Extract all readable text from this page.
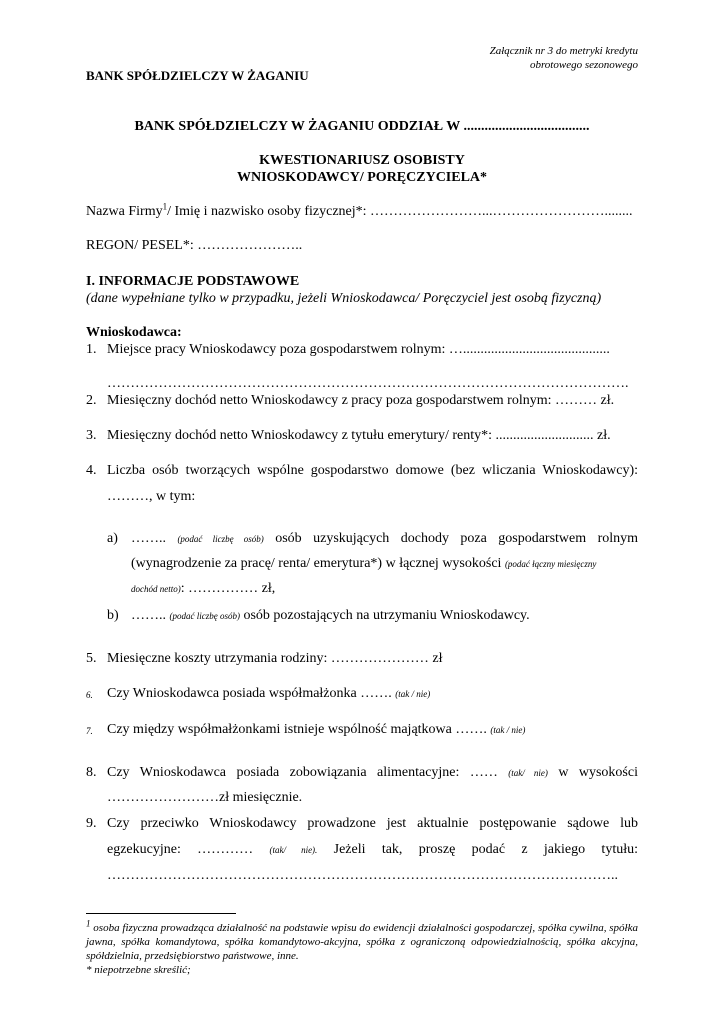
Załącznik nr 3 do metryki kredytu
obrotowego sezonowego
BANK SPÓŁDZIELCZY W ŻAGANIU
BANK SPÓŁDZIELCZY W ŻAGANIU ODDZIAŁ W ....................................
KWESTIONARIUSZ OSOBISTY
WNIOSKODAWCY/ PORĘCZYCIELA*
Nazwa Firmy$^1$/ Imię i nazwisko osoby fizycznej*: ……………………...……………………........
REGON/ PESEL*: …………………..
I. INFORMACJE PODSTAWOWE
(dane wypełniane tylko w przypadku, jeżeli Wnioskodawca/ Poręczyciel jest osobą fizyczną)
Wnioskodawca:
1. Miejsce pracy Wnioskodawcy poza gospodarstwem rolnym: …..........................................
………………………………………………………………………………………………….
2. Miesięczny dochód netto Wnioskodawcy z pracy poza gospodarstwem rolnym: ……… zł.
3. Miesięczny dochód netto Wnioskodawcy z tytułu emerytury/ renty*: ............................ zł.
4. Liczba osób tworzących wspólne gospodarstwo domowe (bez wliczania Wnioskodawcy):
………, w tym:
a) …….. (podać liczbę osób) osób uzyskujących dochody poza gospodarstwem rolnym
(wynagrodzenie za pracę/ renta/ emerytura*) w łącznej wysokości (podać łączny miesięczny
dochód netto): …………… zł,
b) …….. (podać liczbę osób) osób pozostających na utrzymaniu Wnioskodawcy.
5. Miesięczne koszty utrzymania rodziny: ………………… zł
6. Czy Wnioskodawca posiada współmałżonka ……. (tak / nie)
7. Czy między współmałżonkami istnieje wspólność majątkowa ……. (tak / nie)
8. Czy Wnioskodawca posiada zobowiązania alimentacyjne: …… (tak/ nie) w wysokości
……………………zł miesięcznie.
9. Czy przeciwko Wnioskodawcy prowadzone jest aktualnie postępowanie sądowe lub
egzekucyjne: ………… (tak/ nie). Jeżeli tak, proszę podać z jakiego tytułu:
………………………………………………………………………………………………..
$^1$ osoba fizyczna prowadząca działalność na podstawie wpisu do ewidencji działalności gospodarczej, spółka cywilna, spółka jawna, spółka komandytowa, spółka komandytowo-akcyjna, spółka z ograniczoną odpowiedzialnością, spółka akcyjna, spółdzielnia, przedsiębiorstwo państwowe, inne.
* niepotrzebne skreślić;
